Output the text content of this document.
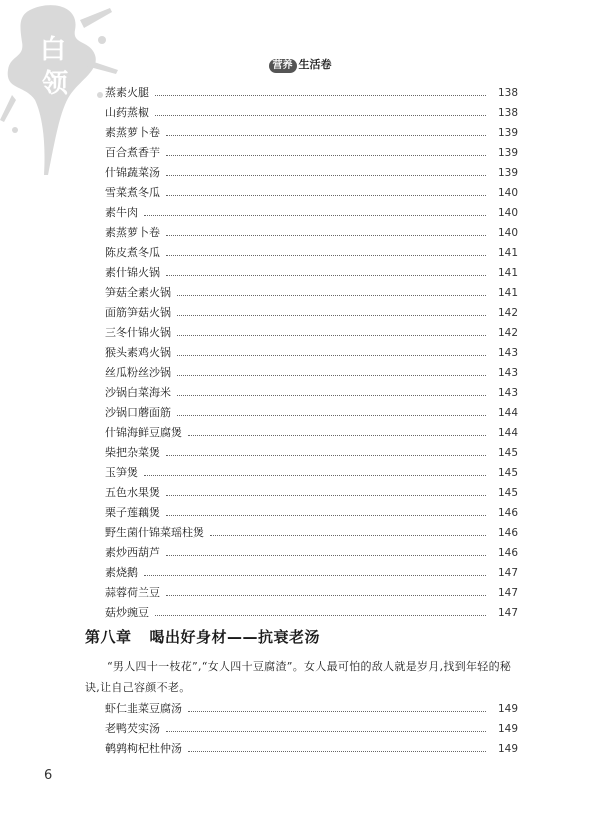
白
领
营养 生活卷
蒸素火腿	138
山药蒸椒	138
素蒸萝卜卷	139
百合煮香芋	139
什锦蔬菜汤	139
雪菜煮冬瓜	140
素牛肉	140
素蒸萝卜卷	140
陈皮煮冬瓜	141
素什锦火锅	141
笋菇全素火锅	141
面筋笋菇火锅	142
三冬什锦火锅	142
猴头素鸡火锅	143
丝瓜粉丝沙锅	143
沙锅白菜海米	143
沙锅口蘑面筋	144
什锦海鲜豆腐煲	144
柴把杂菜煲	145
玉笋煲	145
五色水果煲	145
栗子莲藕煲	146
野生菌什锦菜瑶柱煲	146
素炒西葫芦	146
素烧鹅	147
蒜蓉荷兰豆	147
菇炒豌豆	147
第八章 喝出好身材——抗衰老汤
“男人四十一枝花”,“女人四十豆腐渣”。女人最可怕的敌人就是岁月,找到年轻的秘诀,让自己容颜不老。
虾仁韭菜豆腐汤	149
老鸭芡实汤	149
鹌鹑枸杞杜仲汤	149
6
